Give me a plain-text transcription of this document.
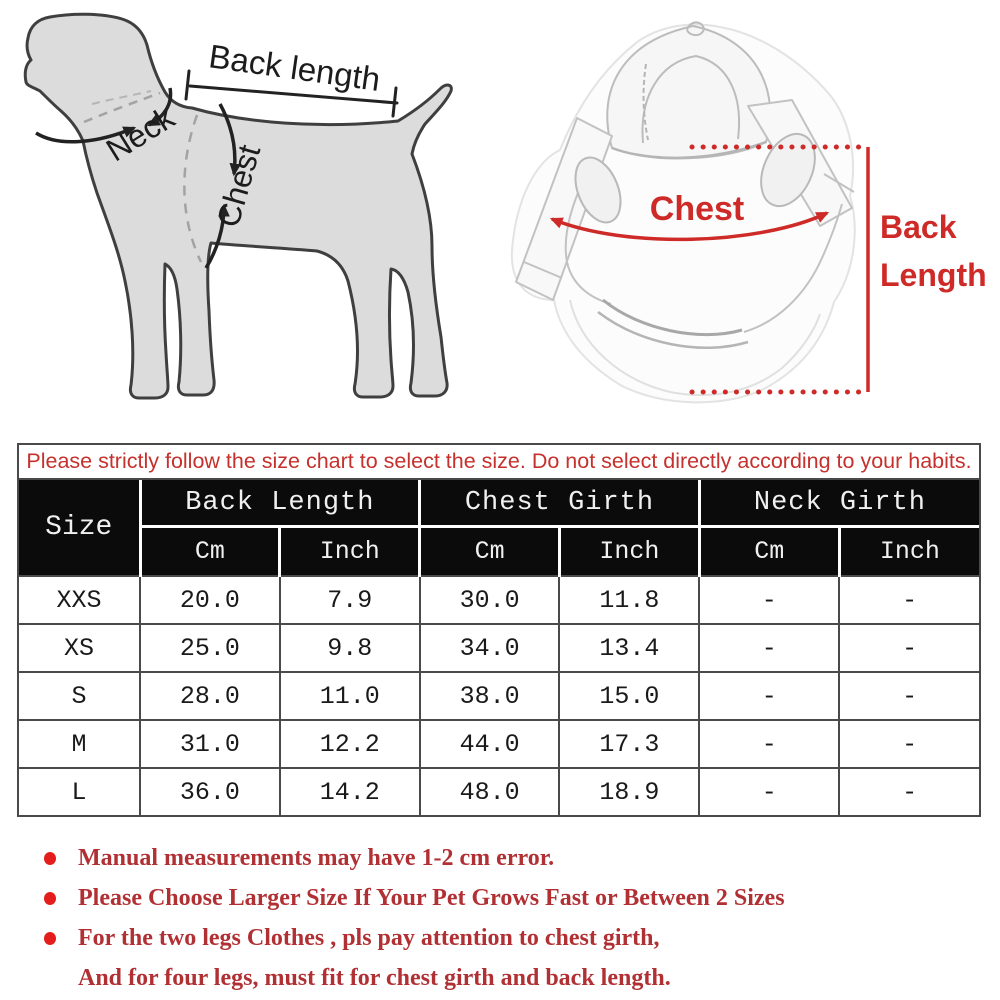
Back length
Neck
Chest	Chest	Back
Length
Please strictly follow the size chart to select the size. Do not select directly according to your habits.
Size	Back Length		Chest Girth		Neck Girth	
	Cm	Inch	Cm	Inch	Cm	Inch
XXS	20.0	7.9	30.0	11.8	-	-
XS	25.0	9.8	34.0	13.4	-	-
S	28.0	11.0	38.0	15.0	-	-
M	31.0	12.2	44.0	17.3	-	-
L	36.0	14.2	48.0	18.9	-	-
Manual measurements may have 1-2 cm error.
Please Choose Larger Size If Your Pet Grows Fast or Between 2 Sizes
For the two legs Clothes , pls pay attention to chest girth,
And for four legs, must fit for chest girth and back length.
